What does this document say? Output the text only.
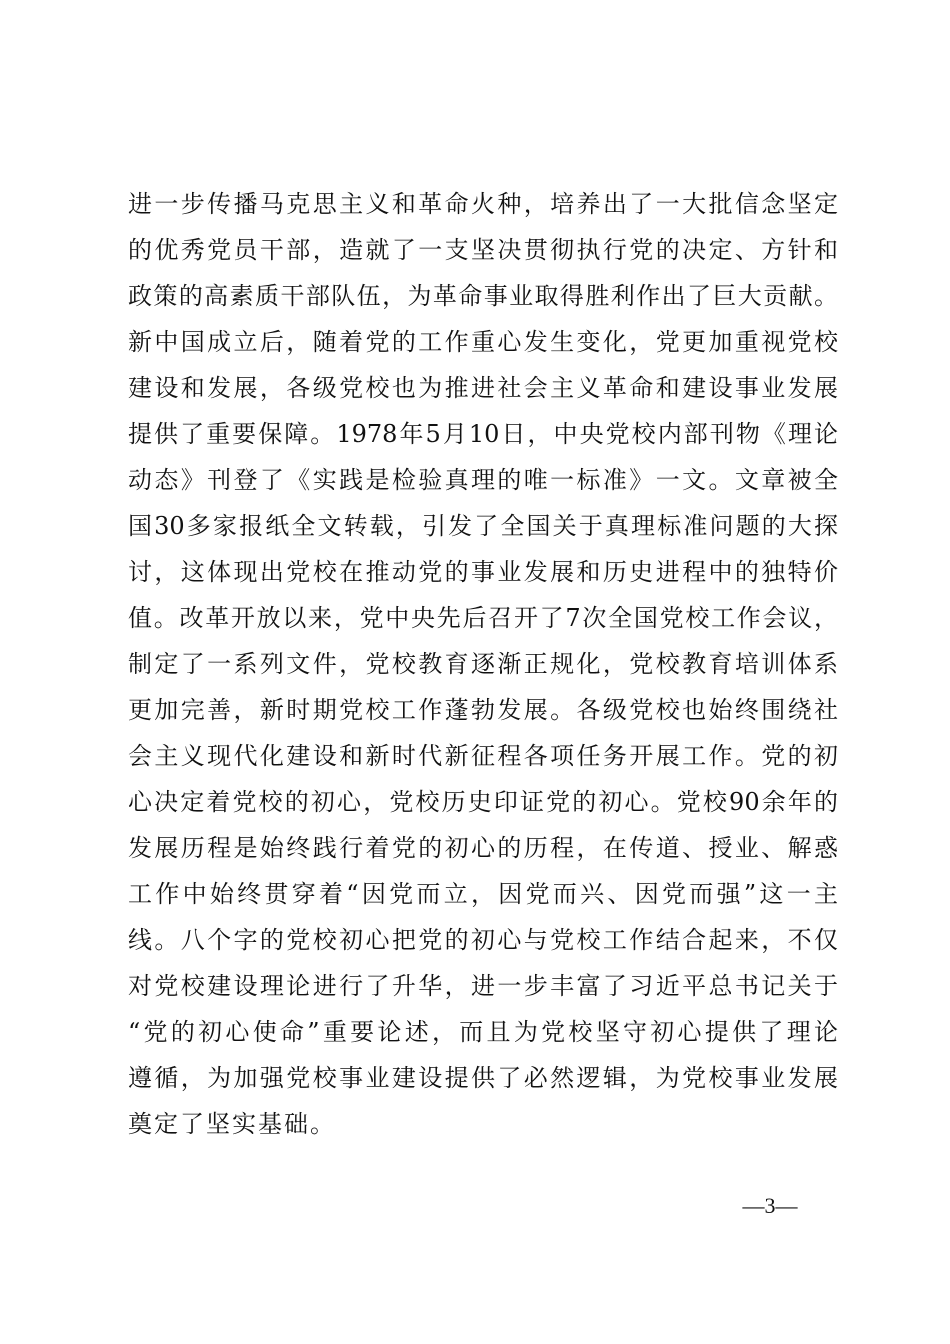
进一步传播马克思主义和革命火种，培养出了一大批信念坚定
的优秀党员干部，造就了一支坚决贯彻执行党的决定、方针和
政策的高素质干部队伍，为革命事业取得胜利作出了巨大贡献。
新中国成立后，随着党的工作重心发生变化，党更加重视党校
建设和发展，各级党校也为推进社会主义革命和建设事业发展
提供了重要保障。1978年5月10日，中央党校内部刊物《理论
动态》刊登了《实践是检验真理的唯一标准》一文。文章被全
国30多家报纸全文转载，引发了全国关于真理标准问题的大探
讨，这体现出党校在推动党的事业发展和历史进程中的独特价
值。改革开放以来，党中央先后召开了7次全国党校工作会议，
制定了一系列文件，党校教育逐渐正规化，党校教育培训体系
更加完善，新时期党校工作蓬勃发展。各级党校也始终围绕社
会主义现代化建设和新时代新征程各项任务开展工作。党的初
心决定着党校的初心，党校历史印证党的初心。党校90余年的
发展历程是始终践行着党的初心的历程，在传道、授业、解惑
工作中始终贯穿着“因党而立，因党而兴、因党而强”这一主
线。八个字的党校初心把党的初心与党校工作结合起来，不仅
对党校建设理论进行了升华，进一步丰富了习近平总书记关于
“党的初心使命”重要论述，而且为党校坚守初心提供了理论
遵循，为加强党校事业建设提供了必然逻辑，为党校事业发展
奠定了坚实基础。
—3—
